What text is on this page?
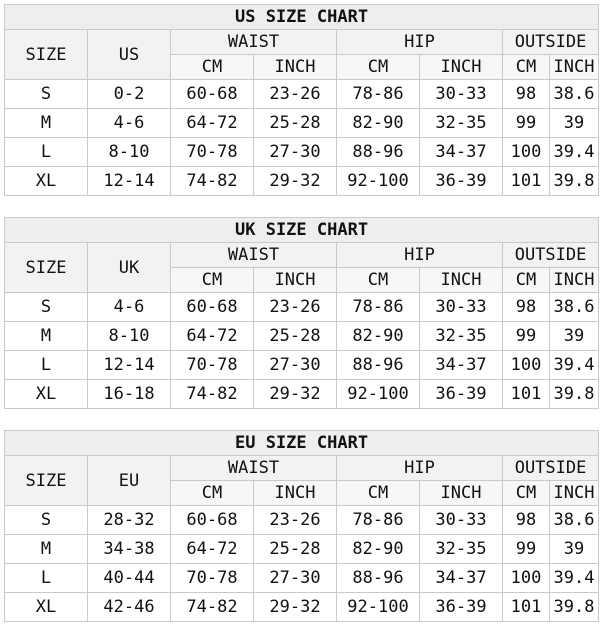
US SIZE CHART							
SIZE	US	WAIST		HIP		OUTSIDE	
		CM	INCH	CM	INCH	CM	INCH
S	0-2	60-68	23-26	78-86	30-33	98	38.6
M	4-6	64-72	25-28	82-90	32-35	99	39
L	8-10	70-78	27-30	88-96	34-37	100	39.4
XL	12-14	74-82	29-32	92-100	36-39	101	39.8
UK SIZE CHART							
SIZE	UK	WAIST		HIP		OUTSIDE	
		CM	INCH	CM	INCH	CM	INCH
S	4-6	60-68	23-26	78-86	30-33	98	38.6
M	8-10	64-72	25-28	82-90	32-35	99	39
L	12-14	70-78	27-30	88-96	34-37	100	39.4
XL	16-18	74-82	29-32	92-100	36-39	101	39.8
EU SIZE CHART							
SIZE	EU	WAIST		HIP		OUTSIDE	
		CM	INCH	CM	INCH	CM	INCH
S	28-32	60-68	23-26	78-86	30-33	98	38.6
M	34-38	64-72	25-28	82-90	32-35	99	39
L	40-44	70-78	27-30	88-96	34-37	100	39.4
XL	42-46	74-82	29-32	92-100	36-39	101	39.8
